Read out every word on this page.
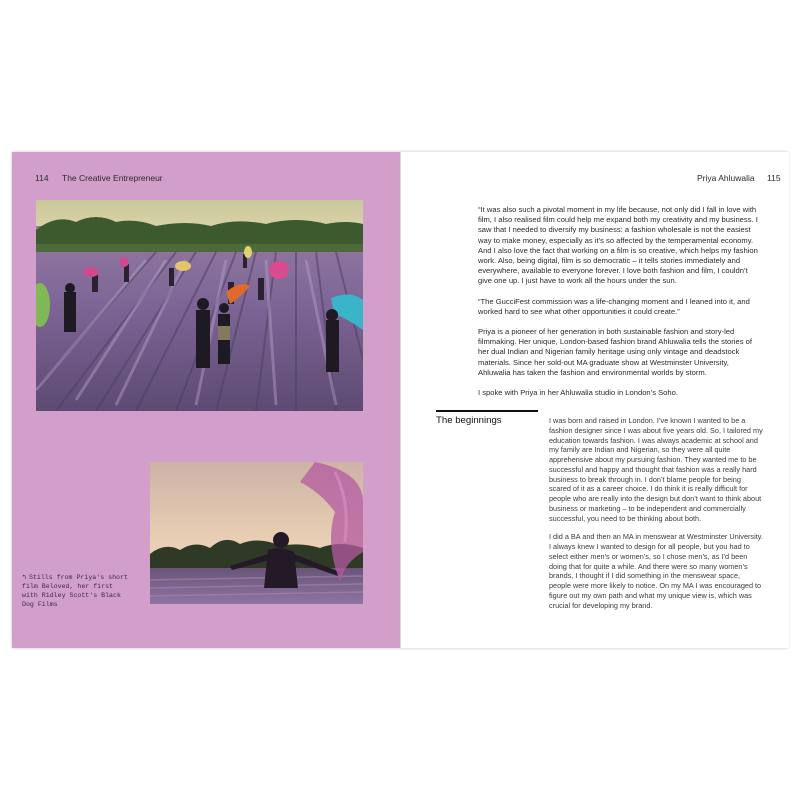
114 The Creative Entrepreneur	Priya Ahluwalia 115
↰ Stills from Priya's short film Beloved, her first with Ridley Scott's Black Dog Films

“It was also such a pivotal moment in my life because, not only did I fall in love with film, I also realised film could help me expand both my creativity and my business. I saw that I needed to diversify my business: a fashion wholesale is not the easiest way to make money, especially as it’s so affected by the temperamental economy. And I also love the fact that working on a film is so creative, which helps my fashion work. Also, being digital, film is so democratic – it tells stories immediately and everywhere, available to everyone forever. I love both fashion and film, I couldn’t give one up. I just have to work all the hours under the sun.

“The GucciFest commission was a life-changing moment and I leaned into it, and worked hard to see what other opportunities it could create.”

Priya is a pioneer of her generation in both sustainable fashion and story-led filmmaking. Her unique, London-based fashion brand Ahluwalia tells the stories of her dual Indian and Nigerian family heritage using only vintage and deadstock materials. Since her sold-out MA graduate show at Westminster University, Ahluwalia has taken the fashion and environmental worlds by storm.

I spoke with Priya in her Ahluwalia studio in London’s Soho.

The beginnings	I was born and raised in London. I’ve known I wanted to be a fashion designer since I was about five years old. So, I tailored my education towards fashion. I was always academic at school and my family are Indian and Nigerian, so they were all quite apprehensive about my pursuing fashion. They wanted me to be successful and happy and thought that fashion was a really hard business to break through in. I don’t blame people for being scared of it as a career choice. I do think it is really difficult for people who are really into the design but don’t want to think about business or marketing – to be independent and commercially successful, you need to be thinking about both.

I did a BA and then an MA in menswear at Westminster University. I always knew I wanted to design for all people, but you had to select either men’s or women’s, so I chose men’s, as I’d been doing that for quite a while. And there were so many women’s brands, I thought if I did something in the menswear space, people were more likely to notice. On my MA I was encouraged to figure out my own path and what my unique view is, which was crucial for developing my brand.
